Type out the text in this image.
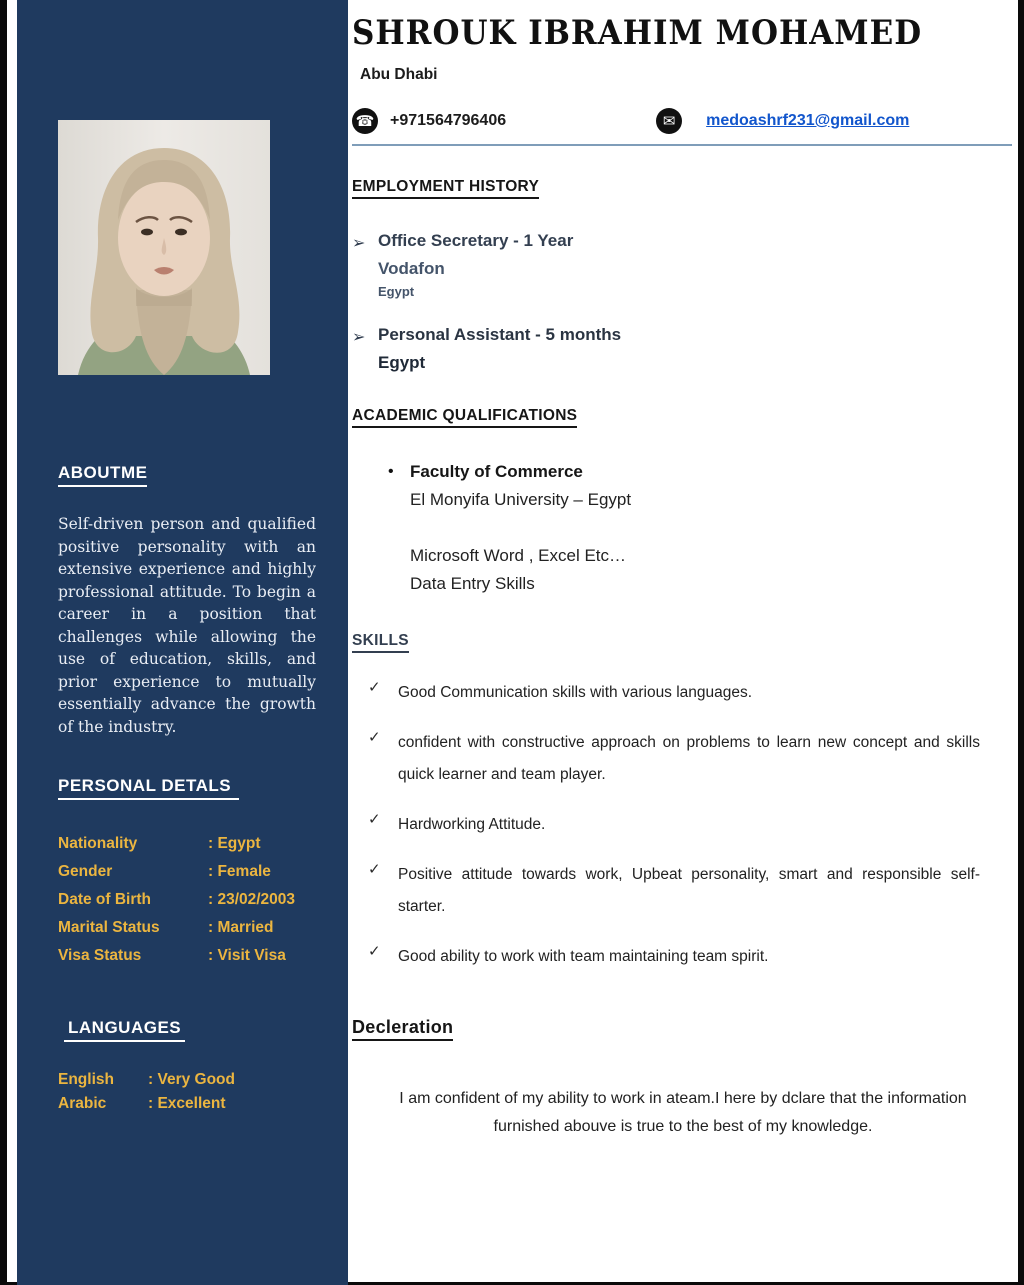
ABOUTME

Self-driven person and qualified positive personality with an extensive experience and highly professional attitude. To begin a career in a position that challenges while allowing the use of education, skills, and prior experience to mutually essentially advance the growth of the industry.

PERSONAL DETALS
Nationality	: Egypt
Gender	: Female
Date of Birth	: 23/02/2003
Marital Status	: Married
Visa Status	: Visit Visa
LANGUAGES
English	: Very Good
Arabic	: Excellent
SHROUK IBRAHIM MOHAMED
Abu Dhabi
☎ +971564796406	✉	medoashrf231@gmail.com
EMPLOYMENT HISTORY
➢ Office Secretary - 1 Year
Vodafon
Egypt
➢ Personal Assistant - 5 months
Egypt
ACADEMIC QUALIFICATIONS
• Faculty of Commerce
El Monyifa University – Egypt
Microsoft Word , Excel Etc…
Data Entry Skills
SKILLS
✓	Good Communication skills with various languages.
✓	confident with constructive approach on problems to learn new concept and skills quick learner and team player.
✓	Hardworking Attitude.
✓	Positive attitude towards work, Upbeat personality, smart and responsible self-starter.
✓	Good ability to work with team maintaining team spirit.
Decleration

I am confident of my ability to work in ateam.I here by dclare that the information furnished abouve is true to the best of my knowledge.
